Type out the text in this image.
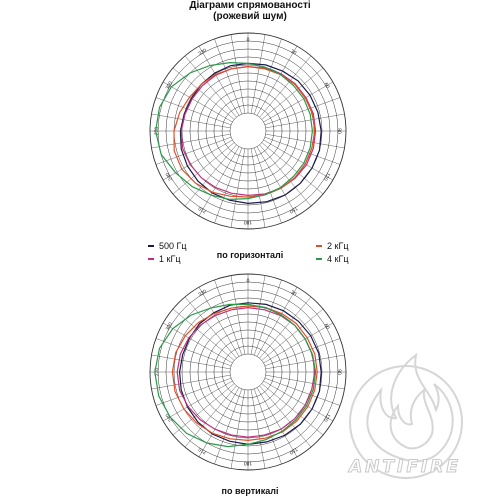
Діаграми спрямованості
(рожевий шум)
0
30
60
90
120
150
180
210
240
270
300
330
500 Гц
1 кГц
2 кГц
4 кГц
по горизонталі
0
30
60
90
120
150
180
210
240
270
300
330
по вертикалі
ANTIFIRE
